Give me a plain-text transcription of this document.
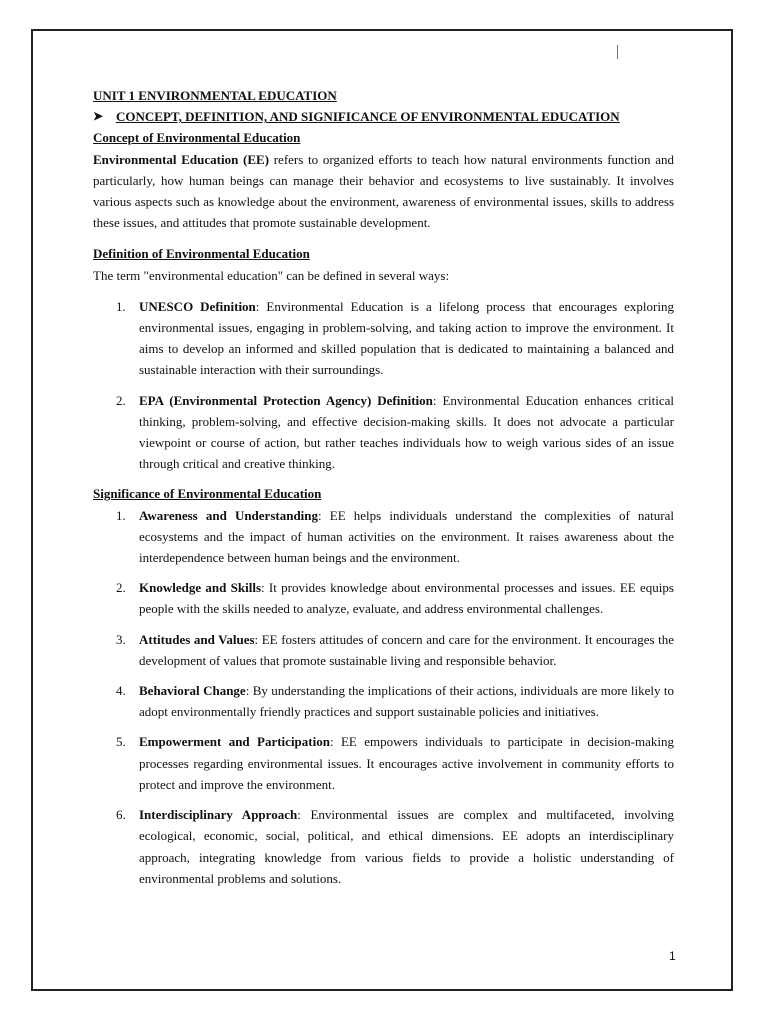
UNIT 1 ENVIRONMENTAL EDUCATION

➤ CONCEPT, DEFINITION, AND SIGNIFICANCE OF ENVIRONMENTAL EDUCATION

Concept of Environmental Education

Environmental Education (EE) refers to organized efforts to teach how natural environments function and particularly, how human beings can manage their behavior and ecosystems to live sustainably. It involves various aspects such as knowledge about the environment, awareness of environmental issues, skills to address these issues, and attitudes that promote sustainable development.

Definition of Environmental Education

The term "environmental education" can be defined in several ways:

1. UNESCO Definition: Environmental Education is a lifelong process that encourages exploring environmental issues, engaging in problem-solving, and taking action to improve the environment. It aims to develop an informed and skilled population that is dedicated to maintaining a balanced and sustainable interaction with their surroundings.
2. EPA (Environmental Protection Agency) Definition: Environmental Education enhances critical thinking, problem-solving, and effective decision-making skills. It does not advocate a particular viewpoint or course of action, but rather teaches individuals how to weigh various sides of an issue through critical and creative thinking.

Significance of Environmental Education

1. Awareness and Understanding: EE helps individuals understand the complexities of natural ecosystems and the impact of human activities on the environment. It raises awareness about the interdependence between human beings and the environment.
2. Knowledge and Skills: It provides knowledge about environmental processes and issues. EE equips people with the skills needed to analyze, evaluate, and address environmental challenges.
3. Attitudes and Values: EE fosters attitudes of concern and care for the environment. It encourages the development of values that promote sustainable living and responsible behavior.
4. Behavioral Change: By understanding the implications of their actions, individuals are more likely to adopt environmentally friendly practices and support sustainable policies and initiatives.
5. Empowerment and Participation: EE empowers individuals to participate in decision-making processes regarding environmental issues. It encourages active involvement in community efforts to protect and improve the environment.
6. Interdisciplinary Approach: Environmental issues are complex and multifaceted, involving ecological, economic, social, political, and ethical dimensions. EE adopts an interdisciplinary approach, integrating knowledge from various fields to provide a holistic understanding of environmental problems and solutions.
1
